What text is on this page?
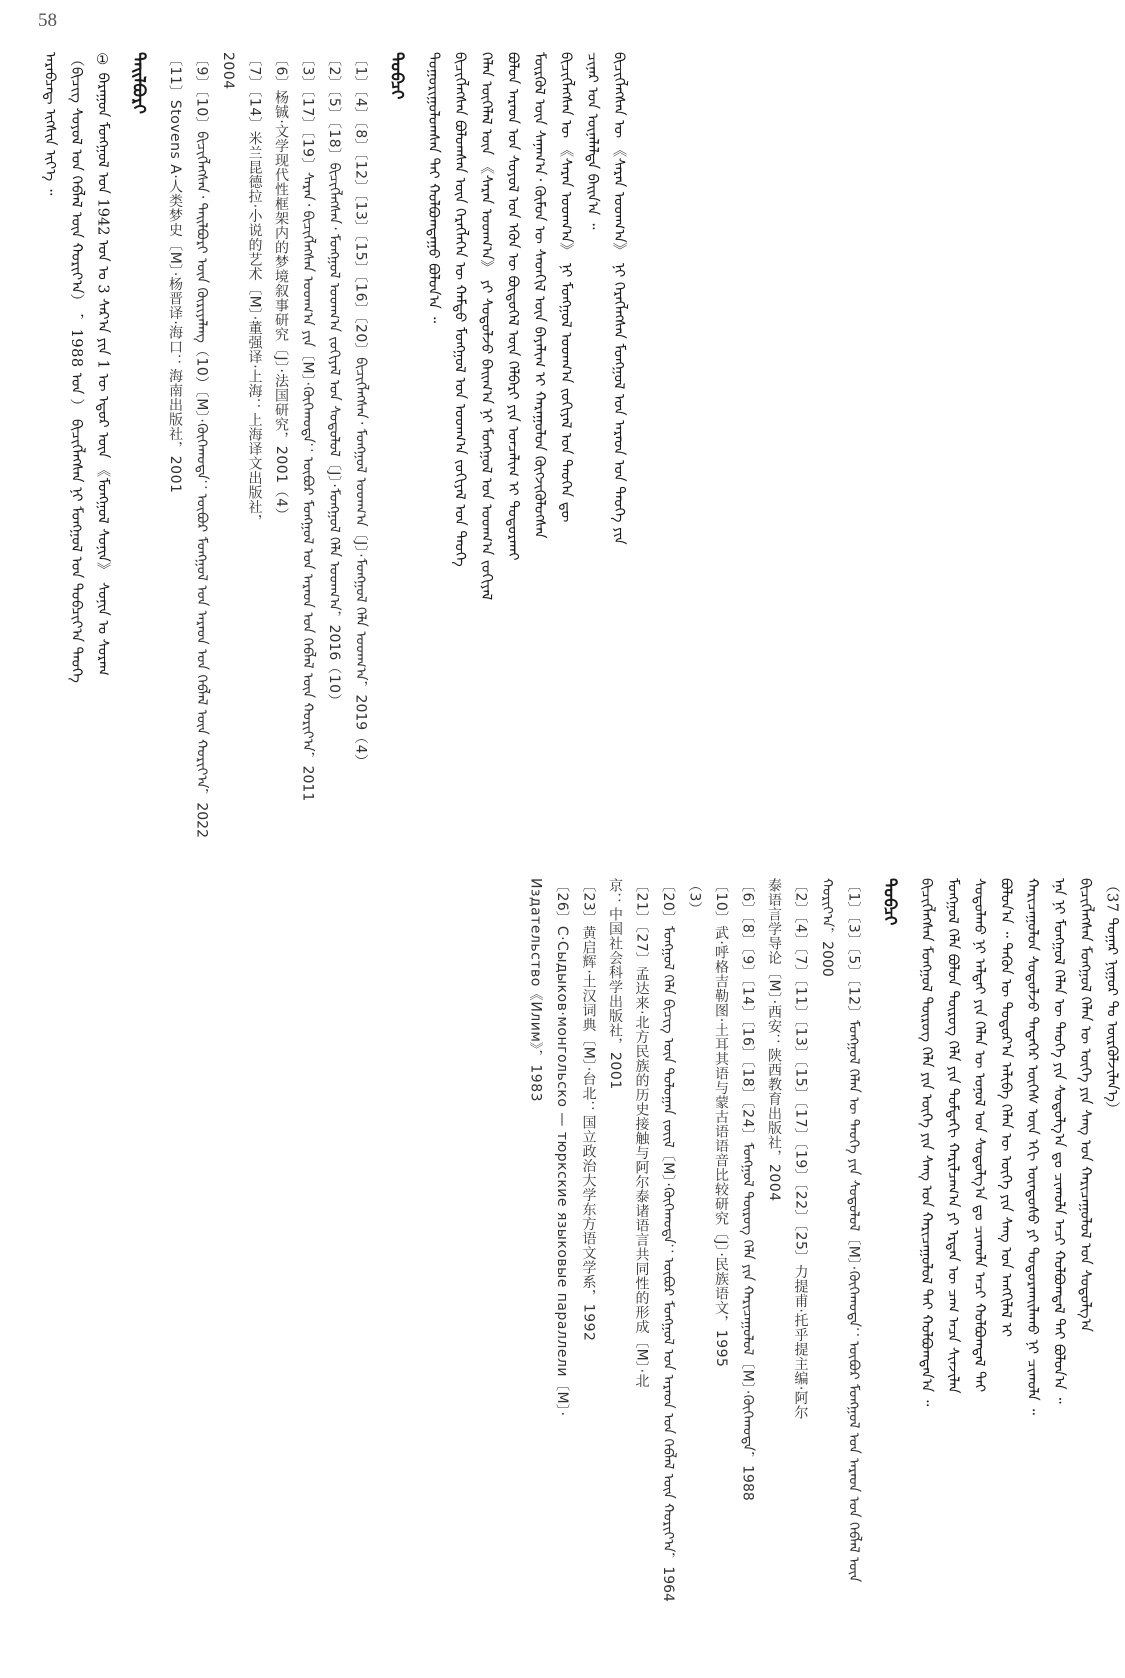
58
ᠠᠷᠠᠪᠴᠠᠳ᠋ ᠢᠭᠰᠢᠨ ᠢᠶ᠎ᠡ ᠃ （ᠪᠢᠴᠢᠭ ᠰᠤᠶᠤᠯ ᠤᠨ ᠬᠡᠪᠯᠡᠯ ᠦᠨ ᠬᠣᠷᠢᠶ᠎ᠠ） ，1988 ᠣᠨ ） ᠪᠢᠴᠢᠭᠯᠡᠭᠰᠡᠨ ᠨᠢ ᠮᠣᠩᠭᠣᠯ ᠤᠨ ᠲᠣᠪᠴᠢᠶ᠎ᠠ ᠲᠡᠦᠬᠡ ① ᠪᠠᠷᠠᠭᠤᠨ ᠮᠣᠩᠭᠣᠯ ᠤᠨ 1942 ᠣᠨ ᠤ 3 ᠰᠠᠷ᠎ᠠ ᠶᠢᠨ 1 ᠦ ᠡᠳᠦᠷ ᠦᠨ 《ᠮᠣᠩᠭᠣᠯ ᠰᠣᠨᠢᠨ》 ᠰᠣᠨᠢᠨ ᠤ ᠰᠤᠷᠠᠭ	ᠲᠠᠢᠯᠪᠤᠷᠢ	〔11〕Stovens A·人类梦史〔M〕·杨晋译·海口：海南出版社，2001 〔9〕〔10〕ᠪᠢᠴᠢᠭᠯᠡᠭᠰᠡᠨ᠂ ᠲᠠᠢᠯᠪᠤᠷᠢ ᠦᠨ ᠬᠦᠷᠢᠶᠡᠯᠡᠩ（10）〔M〕·ᠬᠥᠬᠡᠬᠣᠲᠠ：ᠥᠪᠥᠷ ᠮᠣᠩᠭᠣᠯ ᠤᠨ ᠠᠷᠠᠳ ᠤᠨ ᠬᠡᠪᠯᠡᠯ ᠦᠨ ᠬᠣᠷᠢᠶ᠎ᠠ，2022 2004 〔7〕〔14〕米兰昆德拉·小说的艺术〔M〕·董强译·上海：上海译文出版社， 〔6〕杨铖·文学现代性框架内的梦境叙事研究〔J〕·法国研究，2001（4） 〔3〕〔17〕〔19〕ᠰᠠᠷᠠᠨ᠂ ᠪᠢᠴᠢᠭᠯᠡᠭᠰᠡᠨ ᠤᠳᠬ᠎ᠠ ᠶᠢᠨ〔M〕·ᠬᠥᠬᠡᠬᠣᠲᠠ：ᠥᠪᠥᠷ ᠮᠣᠩᠭᠣᠯ ᠤᠨ ᠠᠷᠠᠳ ᠤᠨ ᠬᠡᠪᠯᠡᠯ ᠦᠨ ᠬᠣᠷᠢᠶ᠎ᠠ，2011 〔2〕〔5〕〔18〕ᠪᠢᠴᠢᠭᠯᠡᠭᠰᠡᠨ᠂ ᠮᠣᠩᠭᠣᠯ ᠤᠳᠬ᠎ᠠ ᠵᠣᠬᠢᠶᠠᠯ ᠤᠨ ᠰᠤᠳᠤᠯᠤᠯ〔J〕·ᠮᠣᠩᠭᠣᠯ ᠬᠡᠯᠡ ᠤᠳᠬ᠎ᠠ，2016（10） 〔1〕〔4〕〔8〕〔12〕〔13〕〔15〕〔16〕〔20〕ᠪᠢᠴᠢᠭᠯᠡᠭᠰᠡᠨ᠂ ᠮᠣᠩᠭᠣᠯ ᠤᠳᠬ᠎ᠠ〔J〕·ᠮᠣᠩᠭᠣᠯ ᠬᠡᠯᠡ ᠤᠳᠬ᠎ᠠ，2019（4）	ᠲᠣᠪᠴᠢ	ᠲᠣᠭᠣᠷᠢᠭᠤᠯᠤᠭᠰᠠᠨ ᠲᠠᠢ ᠬᠣᠯᠪᠣᠭᠳᠠᠭᠤ ᠪᠣᠯᠤᠨ᠎ᠠ ᠃ ᠪᠢᠴᠢᠭᠯᠡᠭᠰᠡᠨ ᠪᠣᠯᠣᠭᠰᠠᠨ ᠦᠨ ᠬᠡᠷᠡᠭᠯᠡᠭᠡᠨ ᠦ ᠬᠠᠮᠲᠤ ᠮᠣᠩᠭᠣᠯ ᠤᠨ ᠤᠳᠬ᠎ᠠ ᠵᠣᠬᠢᠶᠠᠯ ᠤᠨ ᠲᠡᠦᠬᠡ ᠬᠡᠯᠡᠨ ᠦᠭᠡᠯᠡᠯ ᠦᠨ 《ᠰᠠᠷᠠᠨ ᠤᠳᠬ᠎ᠠ》 ᠶᠢ ᠰᠣᠳᠤᠯᠵᠤ ᠪᠠᠢᠭ᠎ᠠ ᠨᠢ ᠮᠣᠩᠭᠣᠯ ᠤᠨ ᠤᠳᠬ᠎ᠠ ᠵᠣᠬᠢᠶᠠᠯ ᠪᠣᠯᠤᠨ ᠠᠷᠠᠳ ᠤᠨ ᠰᠣᠶᠤᠯ ᠤᠨ ᠡᠭᠦᠨ ᠦ ᠪᠦᠲᠦᠭᠡᠯ ᠦᠨ ᠬᠡᠯᠪᠡᠷᠢ ᠶᠢᠨ ᠣᠨᠴᠠᠯᠢᠭ ᠢ ᠲᠣᠳᠣᠷᠬᠠᠢ ᠮᠥᠷᠭᠥᠯ ᠦᠨ ᠰᠠᠨᠠᠭ᠎ᠠ᠂ ᠬᠦᠮᠦᠨ ᠦ ᠰᠡᠳᠬᠢᠯ ᠦᠨ ᠪᠠᠶᠠᠯᠢᠭ ᠢ ᠬᠠᠷᠠᠭᠤᠯᠤᠨ ᠬᠥᠭᠵᠢᠭᠦᠯᠦᠭᠰᠡᠨ ᠪᠢᠴᠢᠭᠯᠡᠭᠰᠡᠨ ᠦ 《ᠰᠠᠷᠠᠨ ᠤᠳᠬ᠎ᠠ》 ᠨᠢ ᠮᠣᠩᠭᠣᠯ ᠤᠳᠬ᠎ᠠ ᠵᠣᠬᠢᠶᠠᠯ ᠤᠨ ᠲᠡᠦᠬᠡᠨ ᠳᠦ ᠴᠢᠨᠠᠷ ᠤᠨ ᠦᠨᠡᠯᠡᠯᠲᠡ ᠪᠠᠢᠨ᠎ᠠ ᠃ ᠪᠢᠴᠢᠭᠯᠡᠭᠰᠡᠨ ᠦ 《ᠰᠠᠷᠠᠨ ᠤᠳᠬ᠎ᠠ》 ᠨᠢ ᠬᠡᠷᠡᠭᠯᠡᠭᠰᠡᠨ ᠮᠣᠩᠭᠣᠯ ᠤᠨ ᠠᠷᠠᠳ ᠤᠨ ᠲᠡᠦᠬᠡ ᠶᠢᠨ
Издательство《Илим》，1983 〔26〕С·Сыдыков·монгольско — тюркские языковые параллели〔M〕· 〔23〕黄启辉·土汉词典〔M〕·台北：国立政治大学东方语文学系，1992 京：中国社会科学出版社，2001 〔21〕〔27〕孟达来·北方民族的历史接触与阿尔泰诸语言共同性的形成〔M〕·北 〔20〕ᠮᠣᠩᠭᠣᠯ ᠬᠡᠯᠡ ᠪᠢᠴᠢᠭ ᠦᠨ ᠳᠣᠯᠣᠭᠠᠨ ᠵᠦᠢᠯ〔M〕·ᠬᠥᠬᠡᠬᠣᠲᠠ：ᠥᠪᠥᠷ ᠮᠣᠩᠭᠣᠯ ᠤᠨ ᠠᠷᠠᠳ ᠤᠨ ᠬᠡᠪᠯᠡᠯ ᠦᠨ ᠬᠣᠷᠢᠶ᠎ᠠ，1964 （3） 〔10〕武·呼格吉勒图·土耳其语与蒙古语语音比较研究〔J〕·民族语文，1995 〔6〕〔8〕〔9〕〔14〕〔16〕〔18〕〔24〕ᠮᠣᠩᠭᠣᠯ ᠲᠦᠷᠦᠭ ᠬᠡᠯᠡ ᠶᠢᠨ ᠬᠠᠷᠢᠴᠠᠭᠤᠯᠤᠯ〔M〕·ᠬᠥᠬᠡᠬᠣᠲᠠ，1988 泰语言学导论〔M〕·西安：陕西教育出版社，2004 〔2〕〔4〕〔7〕〔11〕〔13〕〔15〕〔17〕〔19〕〔22〕〔25〕力提甫·托乎提主编·阿尔 ᠬᠣᠷᠢᠶ᠎ᠠ，2000 〔1〕〔3〕〔5〕〔12〕ᠮᠣᠩᠭᠣᠯ ᠬᠡᠯᠡᠨ ᠦ ᠲᠡᠦᠬᠡ ᠶᠢᠨ ᠰᠤᠳᠤᠯᠤᠯ〔M〕·ᠬᠥᠬᠡᠬᠣᠲᠠ：ᠥᠪᠥᠷ ᠮᠣᠩᠭᠣᠯ ᠤᠨ ᠠᠷᠠᠳ ᠤᠨ ᠬᠡᠪᠯᠡᠯ ᠦᠨ	ᠲᠣᠪᠴᠢ	ᠪᠢᠴᠢᠭᠯᠡᠭᠰᠡᠨ ᠮᠣᠩᠭᠣᠯ ᠲᠦᠷᠦᠭ ᠬᠡᠯᠡ ᠶᠢᠨ ᠦᠭᠡ ᠶᠢᠨ ᠰᠠᠩ ᠤᠨ ᠬᠠᠷᠢᠴᠠᠭᠤᠯᠤᠯ ᠲᠠᠢ ᠬᠣᠯᠪᠣᠭᠳᠠᠨ᠎ᠠ ᠃ ᠮᠣᠩᠭᠣᠯ ᠬᠡᠯᠡ ᠪᠣᠯᠤᠨ ᠲᠦᠷᠦᠭ ᠬᠡᠯᠡ ᠶᠢᠨ ᠳᠤᠮᠳᠠᠬᠢ ᠬᠠᠷᠢᠯᠴᠠᠭ᠎ᠠ ᠶᠢ ᠡᠷᠲᠡᠨ ᠦ ᠴᠠᠭ ᠠᠴᠠ ᠰᠢᠨᠵᠢᠯᠡᠨ ᠰᠤᠳᠤᠯᠬᠤ ᠨᠢ ᠠᠯᠲᠠᠢ ᠶᠢᠨ ᠬᠡᠯᠡᠨ ᠦ ᠣᠨᠣᠯ ᠤᠨ ᠰᠤᠳᠤᠯᠭ᠎ᠠ ᠳᠤ ᠴᠢᠬᠤᠯᠠ ᠠᠴᠢ ᠬᠣᠯᠪᠣᠭᠳᠠᠯ ᠲᠠᠢ ᠪᠣᠯᠤᠨ᠎ᠠ ᠃ ᠲᠡᠭᠦᠨ ᠦ ᠳᠣᠲᠣᠷ᠎ᠠ ᠠᠯᠢᠪᠠ ᠬᠡᠯᠡᠨ ᠦ ᠦᠭᠡ ᠶᠢᠨ ᠰᠠᠩ ᠤᠨ ᠠᠩᠭᠢᠯᠠᠯ ᠢ ᠬᠠᠷᠢᠴᠠᠭᠤᠯᠤᠨ ᠰᠤᠳᠤᠯᠵᠤ ᠲᠡᠳᠡᠭᠡᠷ ᠦᠭᠡᠰ ᠦᠨ ᠡᠬᠢ ᠦᠨᠳᠦᠰᠦ ᠶᠢ ᠲᠣᠳᠣᠷᠬᠠᠢᠯᠠᠬᠤ ᠨᠢ ᠴᠢᠬᠤᠯᠠ ᠃ ᠡᠨᠡ ᠨᠢ ᠮᠣᠩᠭᠣᠯ ᠬᠡᠯᠡᠨ ᠦ ᠲᠡᠦᠬᠡ ᠶᠢᠨ ᠰᠤᠳᠤᠯᠭ᠎ᠠ ᠳᠤ ᠴᠢᠬᠤᠯᠠ ᠠᠴᠢ ᠬᠣᠯᠪᠣᠭᠳᠠᠯ ᠲᠠᠢ ᠪᠣᠯᠤᠨ᠎ᠠ ᠃ ᠪᠢᠴᠢᠭᠯᠡᠭᠰᠡᠨ ᠮᠣᠩᠭᠣᠯ ᠬᠡᠯᠡᠨ ᠦ ᠦᠭᠡ ᠶᠢᠨ ᠰᠠᠩ ᠤᠨ ᠬᠠᠷᠢᠴᠠᠭᠤᠯᠤᠯ ᠤᠨ ᠰᠤᠳᠤᠯᠭ᠎ᠠ （37 ᠳᠤᠭᠠᠷ ᠨᠢᠭᠤᠷ ᠲᠤ ᠦᠷᠭᠦᠯᠵᠢᠯᠡᠨ᠎ᠡ）
